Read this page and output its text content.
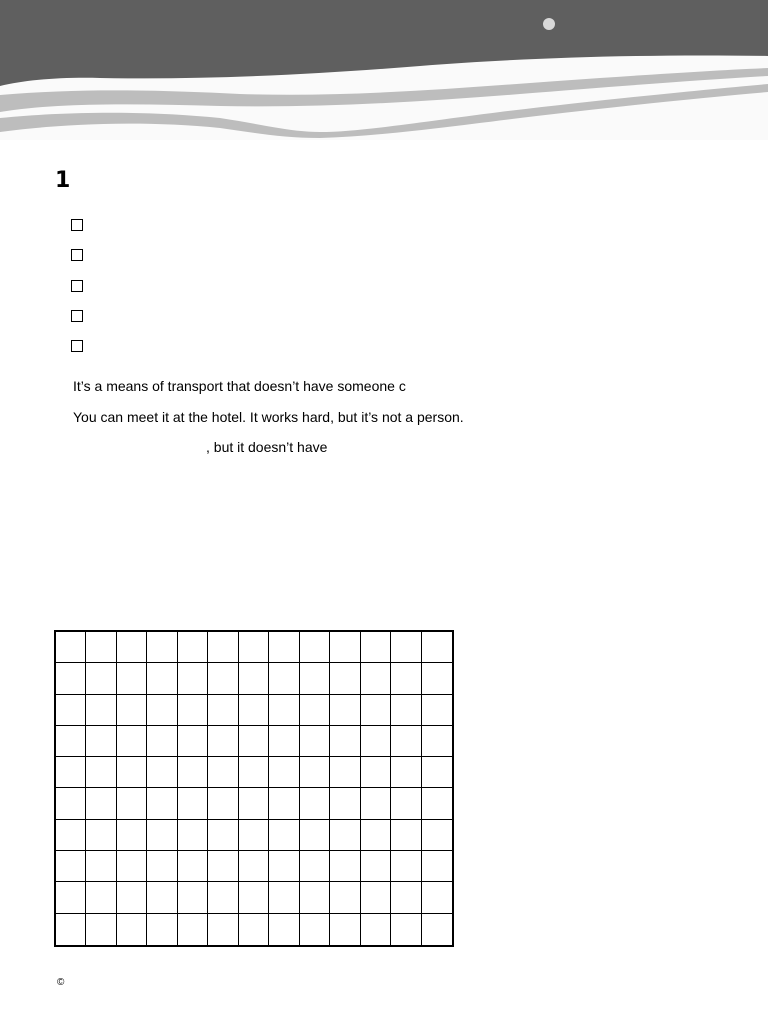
1
It’s a means of transport that doesn’t have someone c
You can meet it at the hotel. It works hard, but it’s not a person.
, but it doesn’t have
©
